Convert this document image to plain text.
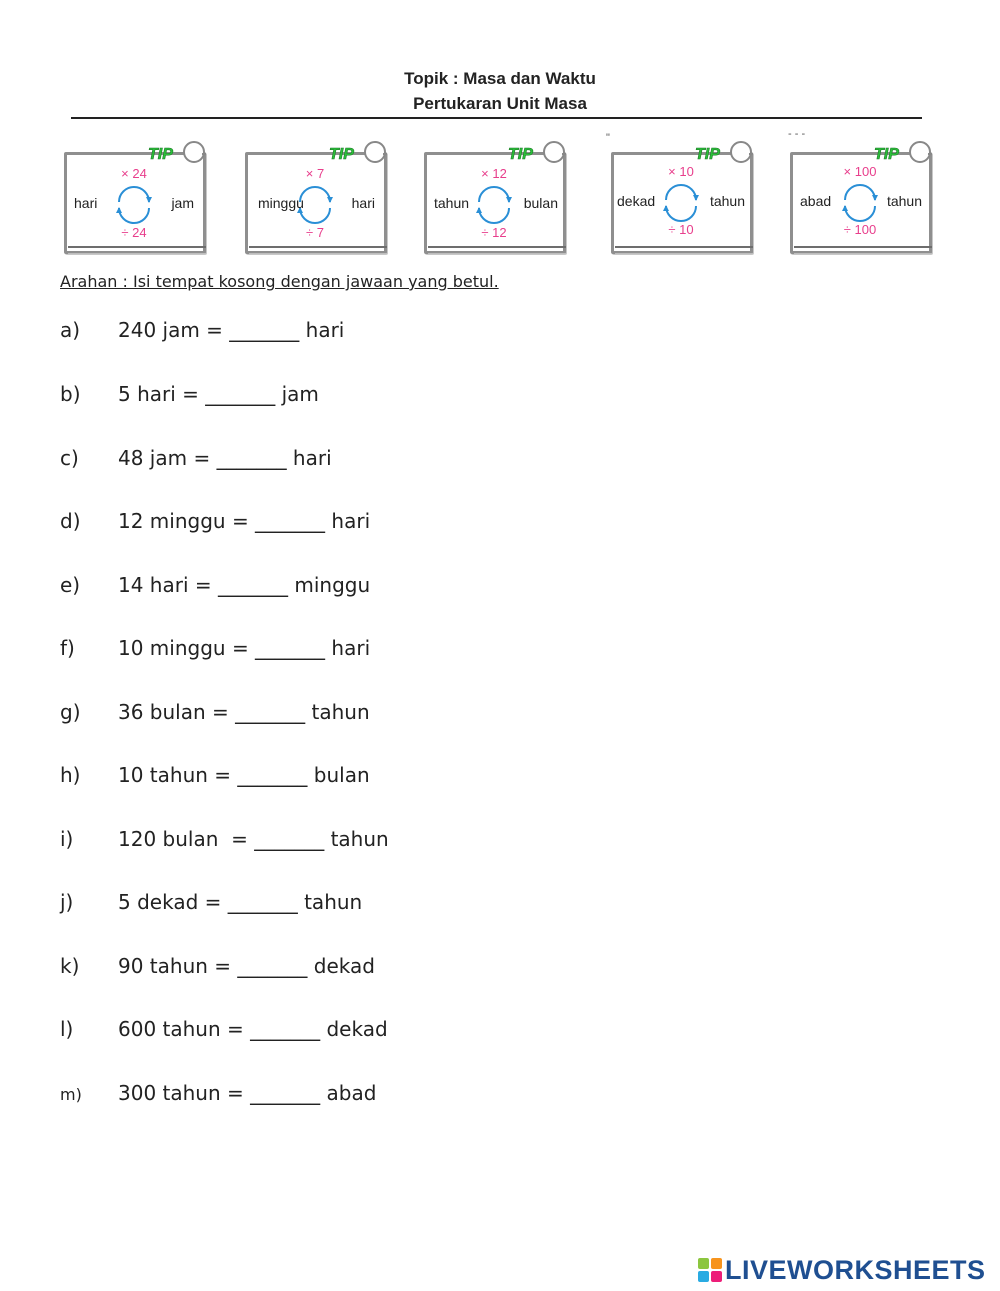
Topik : Masa dan Waktu
Pertukaran Unit Masa
TIP
× 24
hari	jam
÷ 24
TIP
× 7
minggu	hari
÷ 7
TIP
× 12
tahun	bulan
÷ 12
TIP
× 10
dekad	tahun
÷ 10
TIP
× 100
abad	tahun
÷ 100
"	- - -
Arahan : Isi tempat kosong dengan jawaan yang betul.
a) 240 jam = _______ hari
b) 5 hari = _______ jam
c) 48 jam = _______ hari
d) 12 minggu = _______ hari
e) 14 hari = _______ minggu
f) 10 minggu = _______ hari
g) 36 bulan = _______ tahun
h) 10 tahun = _______ bulan
i) 120 bulan  = _______ tahun
j) 5 dekad = _______ tahun
k) 90 tahun = _______ dekad
l) 600 tahun = _______ dekad
m) 300 tahun = _______ abad
LIVEWORKSHEETS
